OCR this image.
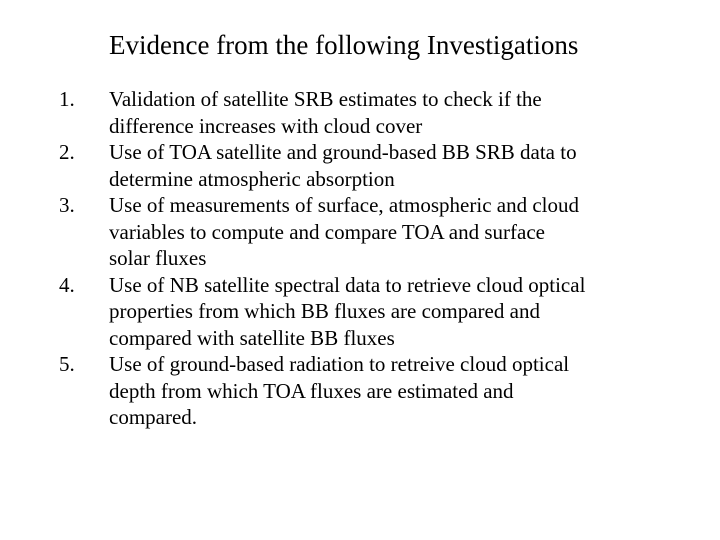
Evidence from the following Investigations
1. Validation of satellite SRB estimates to check if the
difference increases with cloud cover
2. Use of TOA satellite and ground-based BB SRB data to
determine atmospheric absorption
3. Use of measurements of surface, atmospheric and cloud
variables to compute and compare TOA and surface
solar fluxes
4. Use of NB satellite spectral data to retrieve cloud optical
properties from which BB fluxes are compared and
compared with satellite BB fluxes
5. Use of ground-based radiation to retreive cloud optical
depth from which TOA fluxes are estimated and
compared.
